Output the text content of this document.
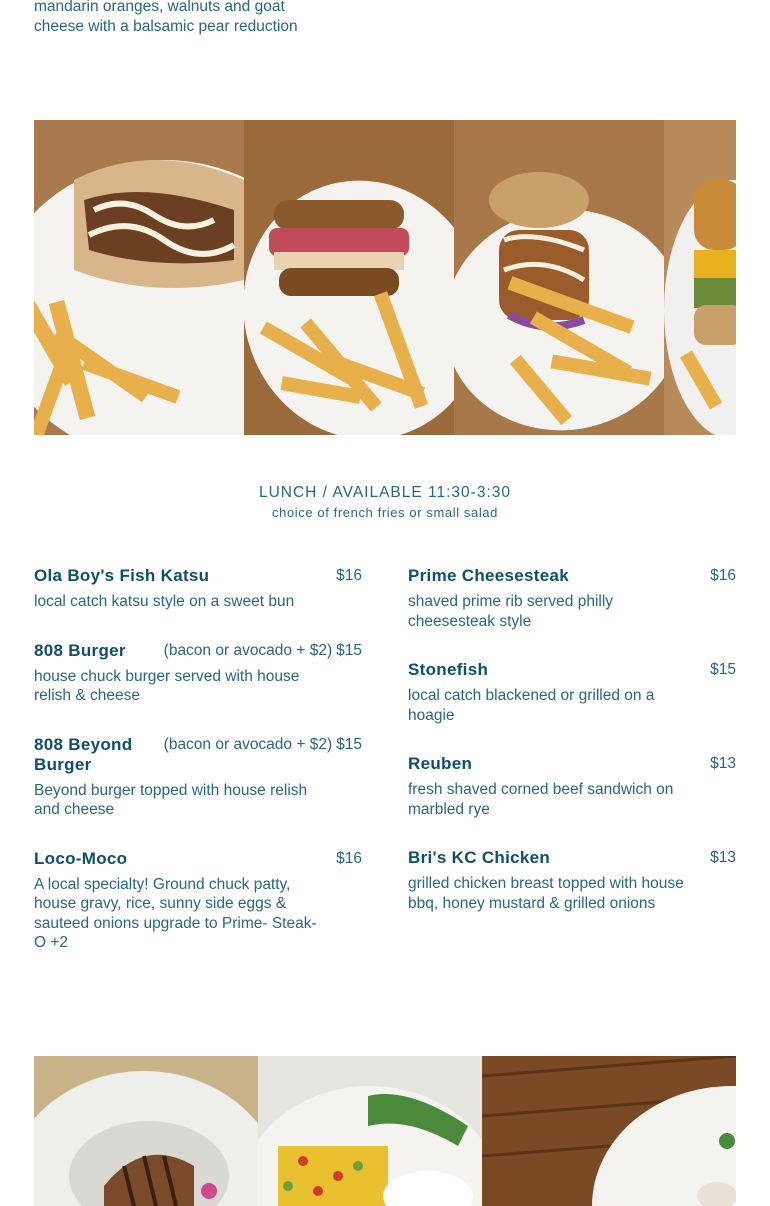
mandarin oranges, walnuts and goat cheese with a balsamic pear reduction
LUNCH / AVAILABLE 11:30-3:30
choice of french fries or small salad
Ola Boy's Fish Katsu	$16
local catch katsu style on a sweet bun
808 Burger	(bacon or avocado + $2) $15
house chuck burger served with house relish & cheese
808 Beyond Burger
(bacon or avocado + $2) $15
Beyond burger topped with house relish and cheese
Loco-Moco	$16
A local specialty! Ground chuck patty, house gravy, rice, sunny side eggs & sauteed onions upgrade to Prime- Steak-O +2
Prime Cheesesteak	$16
shaved prime rib served philly cheesesteak style
Stonefish	$15
local catch blackened or grilled on a hoagie
Reuben	$13
fresh shaved corned beef sandwich on marbled rye
Bri's KC Chicken	$13
grilled chicken breast topped with house bbq, honey mustard & grilled onions
